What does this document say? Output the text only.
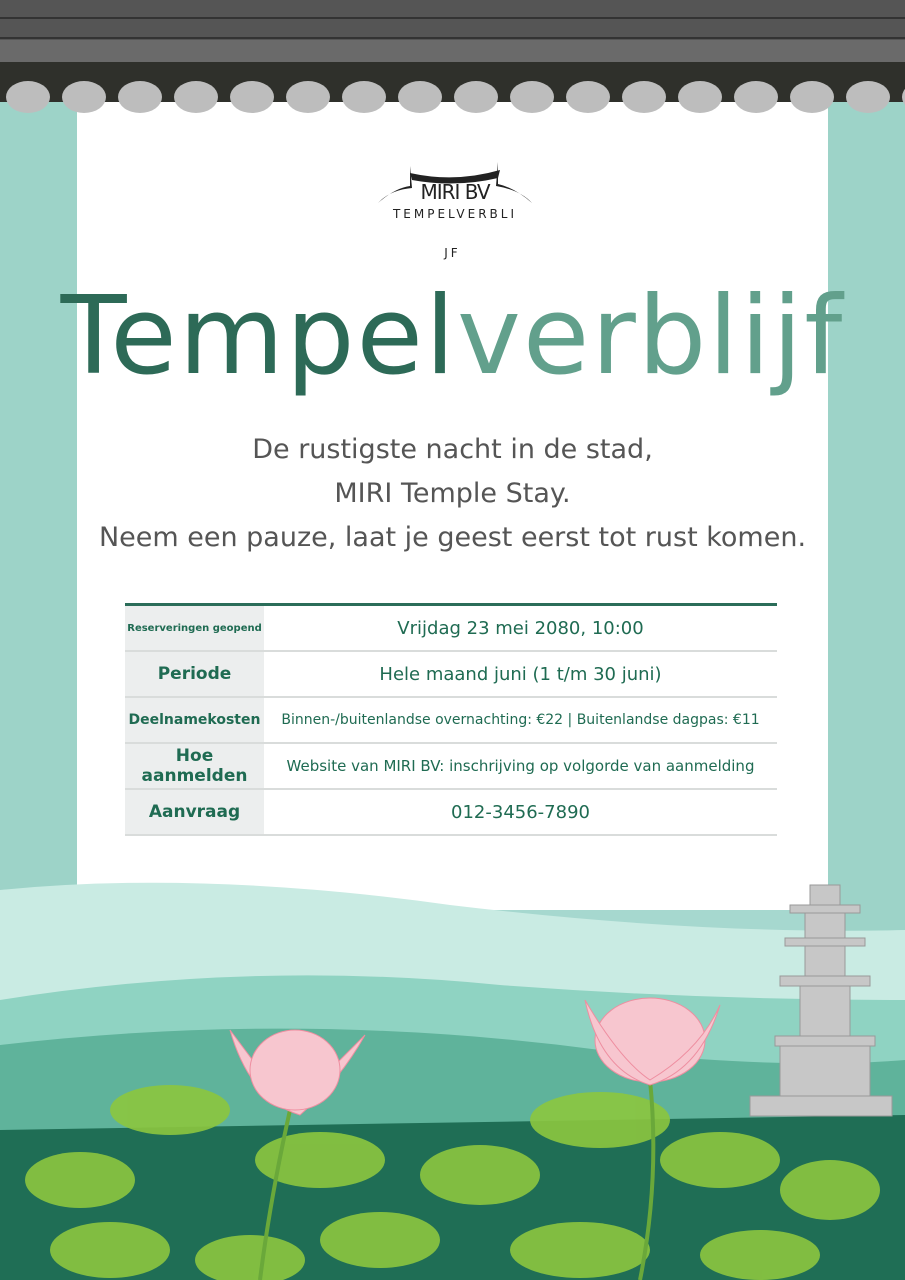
MIRI BV
TEMPELVERBLI
JF
Tempelverblijf
De rustigste nacht in de stad,
MIRI Temple Stay.
Neem een pauze, laat je geest eerst tot rust komen.
Reserveringen geopend	Vrijdag 23 mei 2080, 10:00
Periode	Hele maand juni (1 t/m 30 juni)
Deelnamekosten	Binnen-/buitenlandse overnachting: €22 | Buitenlandse dagpas: €11
Hoe aanmelden	Website van MIRI BV: inschrijving op volgorde van aanmelding
Aanvraag	012-3456-7890
